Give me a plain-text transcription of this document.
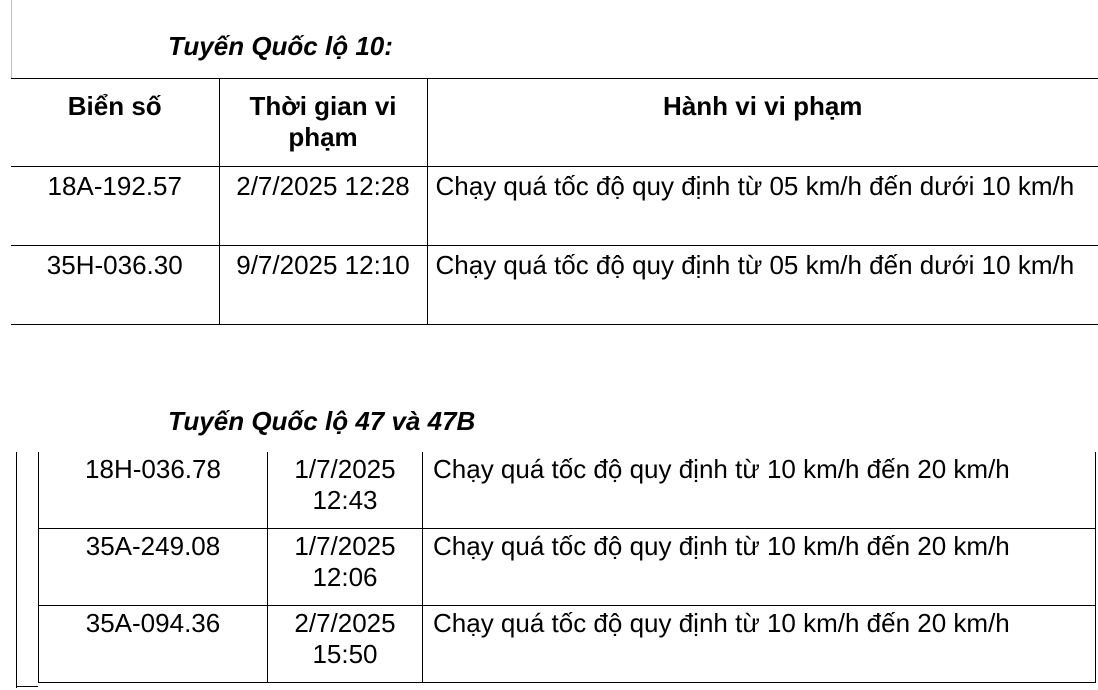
Tuyến Quốc lộ 10:
Biển số	Thời gian vi phạm	Hành vi vi phạm
18A-192.57	2/7/2025 12:28	Chạy quá tốc độ quy định từ 05 km/h đến dưới 10 km/h
35H-036.30	9/7/2025 12:10	Chạy quá tốc độ quy định từ 05 km/h đến dưới 10 km/h
Tuyến Quốc lộ 47 và 47B
18H-036.78	1/7/2025 12:43	Chạy quá tốc độ quy định từ 10 km/h đến 20 km/h
35A-249.08	1/7/2025 12:06	Chạy quá tốc độ quy định từ 10 km/h đến 20 km/h
35A-094.36	2/7/2025 15:50	Chạy quá tốc độ quy định từ 10 km/h đến 20 km/h
